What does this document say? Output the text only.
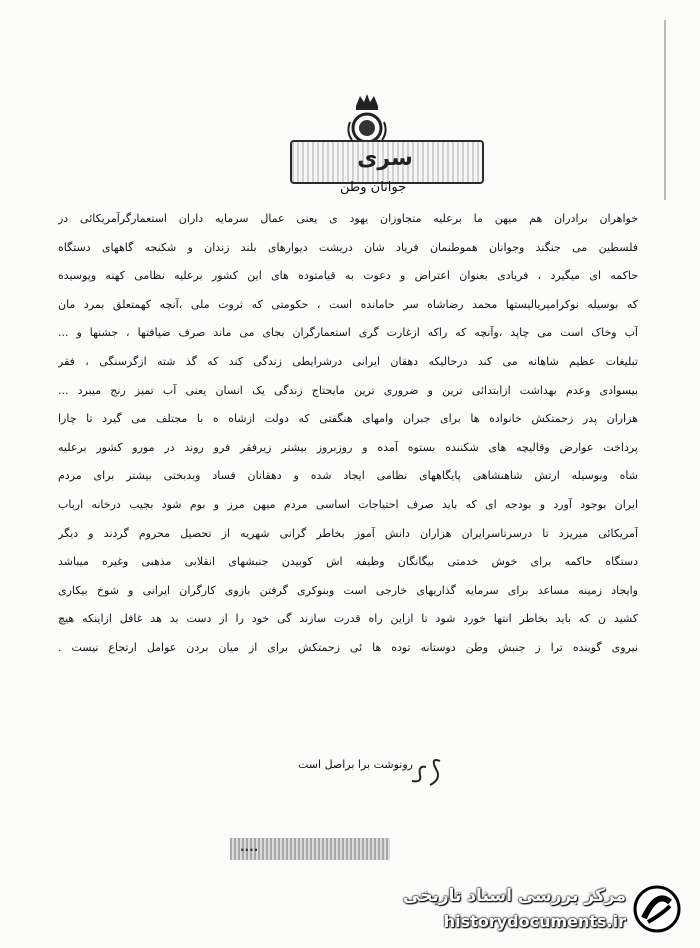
سری
جوانان وطن
خواهران برادران هم میهن ما برعلیه متجاوزان یهود ی یعنی عمال سرمایه داران استعمارگرآمریکائی در
فلسطین می جنگند وجوانان هموطنمان فریاد شان دریشت دیوارهای بلند زندان و شکنجه گاههای دستگاه
حاکمه ای میگیرد ، فریادی بعنوان اعتراض و دعوت به قیامتوده های این کشور برعلیه نظامی کهنه وپوسیده
که بوسیله نوکرامپریالیستها محمد رضاشاه سر حامانده است ، حکومتی که ثروت ملی ،آنچه کهمتعلق بمرد مان
آب وخاک است می چاپد ،وآنچه که راکه ازغارت گری استعمارگران بجای می ماند صرف ضیافتها ، جشنها و ...
تبلیغات عظیم شاهانه می کند درحالیکه دهقان ایرانی درشرایطی زندگی کند که گذ شته ازگرسنگی ، فقر
بیسوادی وعدم بهداشت ازابتدائی ترین و ضروری ترین مایحتاج زندگی یک انسان یعنی آب تمیز رنج میبرد ...
هزاران پدر زحمتکش خانواده ها برای جبران وامهای هنگفتی که دولت ازشاه ه با مجتلف می گیرد تا چارا
پرداخت عوارض وقالیچه های شکننده بستوه آمده و روزبروز بیشتر زیرفقر فرو روند در مورو کشور برعلیه
شاه وبوسیله ارتش شاهنشاهی پایگاههای نظامی ایجاد شده و دهقانان فساد وبدبختی بیشتر برای مردم
ایران بوجود آورد و بودجه ای که باید صرف احتیاجات اساسی مردم میهن مرز و بوم شود بجیب درخانه ارباب
آمریکائی میریزد تا درسرتاسرایران هزاران دانش آموز بخاطر گرانی شهریه از تحصیل محروم گردند و دیگر
دستگاه حاکمه برای خوش خدمتی بیگانگان وظیفه اش کوبیدن جنبشهای انقلابی مذهبی وغیره میباشد
وایجاد زمینه مساعد برای سرمایه گذاریهای خارجی است وبنوکری گرفتن بازوی کارگران ایرانی و شوخ بیکاری
کشید ن که باید بخاطر انتها خورد شود تا ازاین راه قدرت سازند گی خود را از دست بد هد غافل ازاینکه هیچ
نیروی گوینده ترا ز جنبش وطن دوستانه توده ها ئی زحمتکش برای از میان بردن عوامل ارتجاع نیست .
رونوشت برا براصل است
....
مرکز بررسی اسناد تاریخی
historydocuments.ir
